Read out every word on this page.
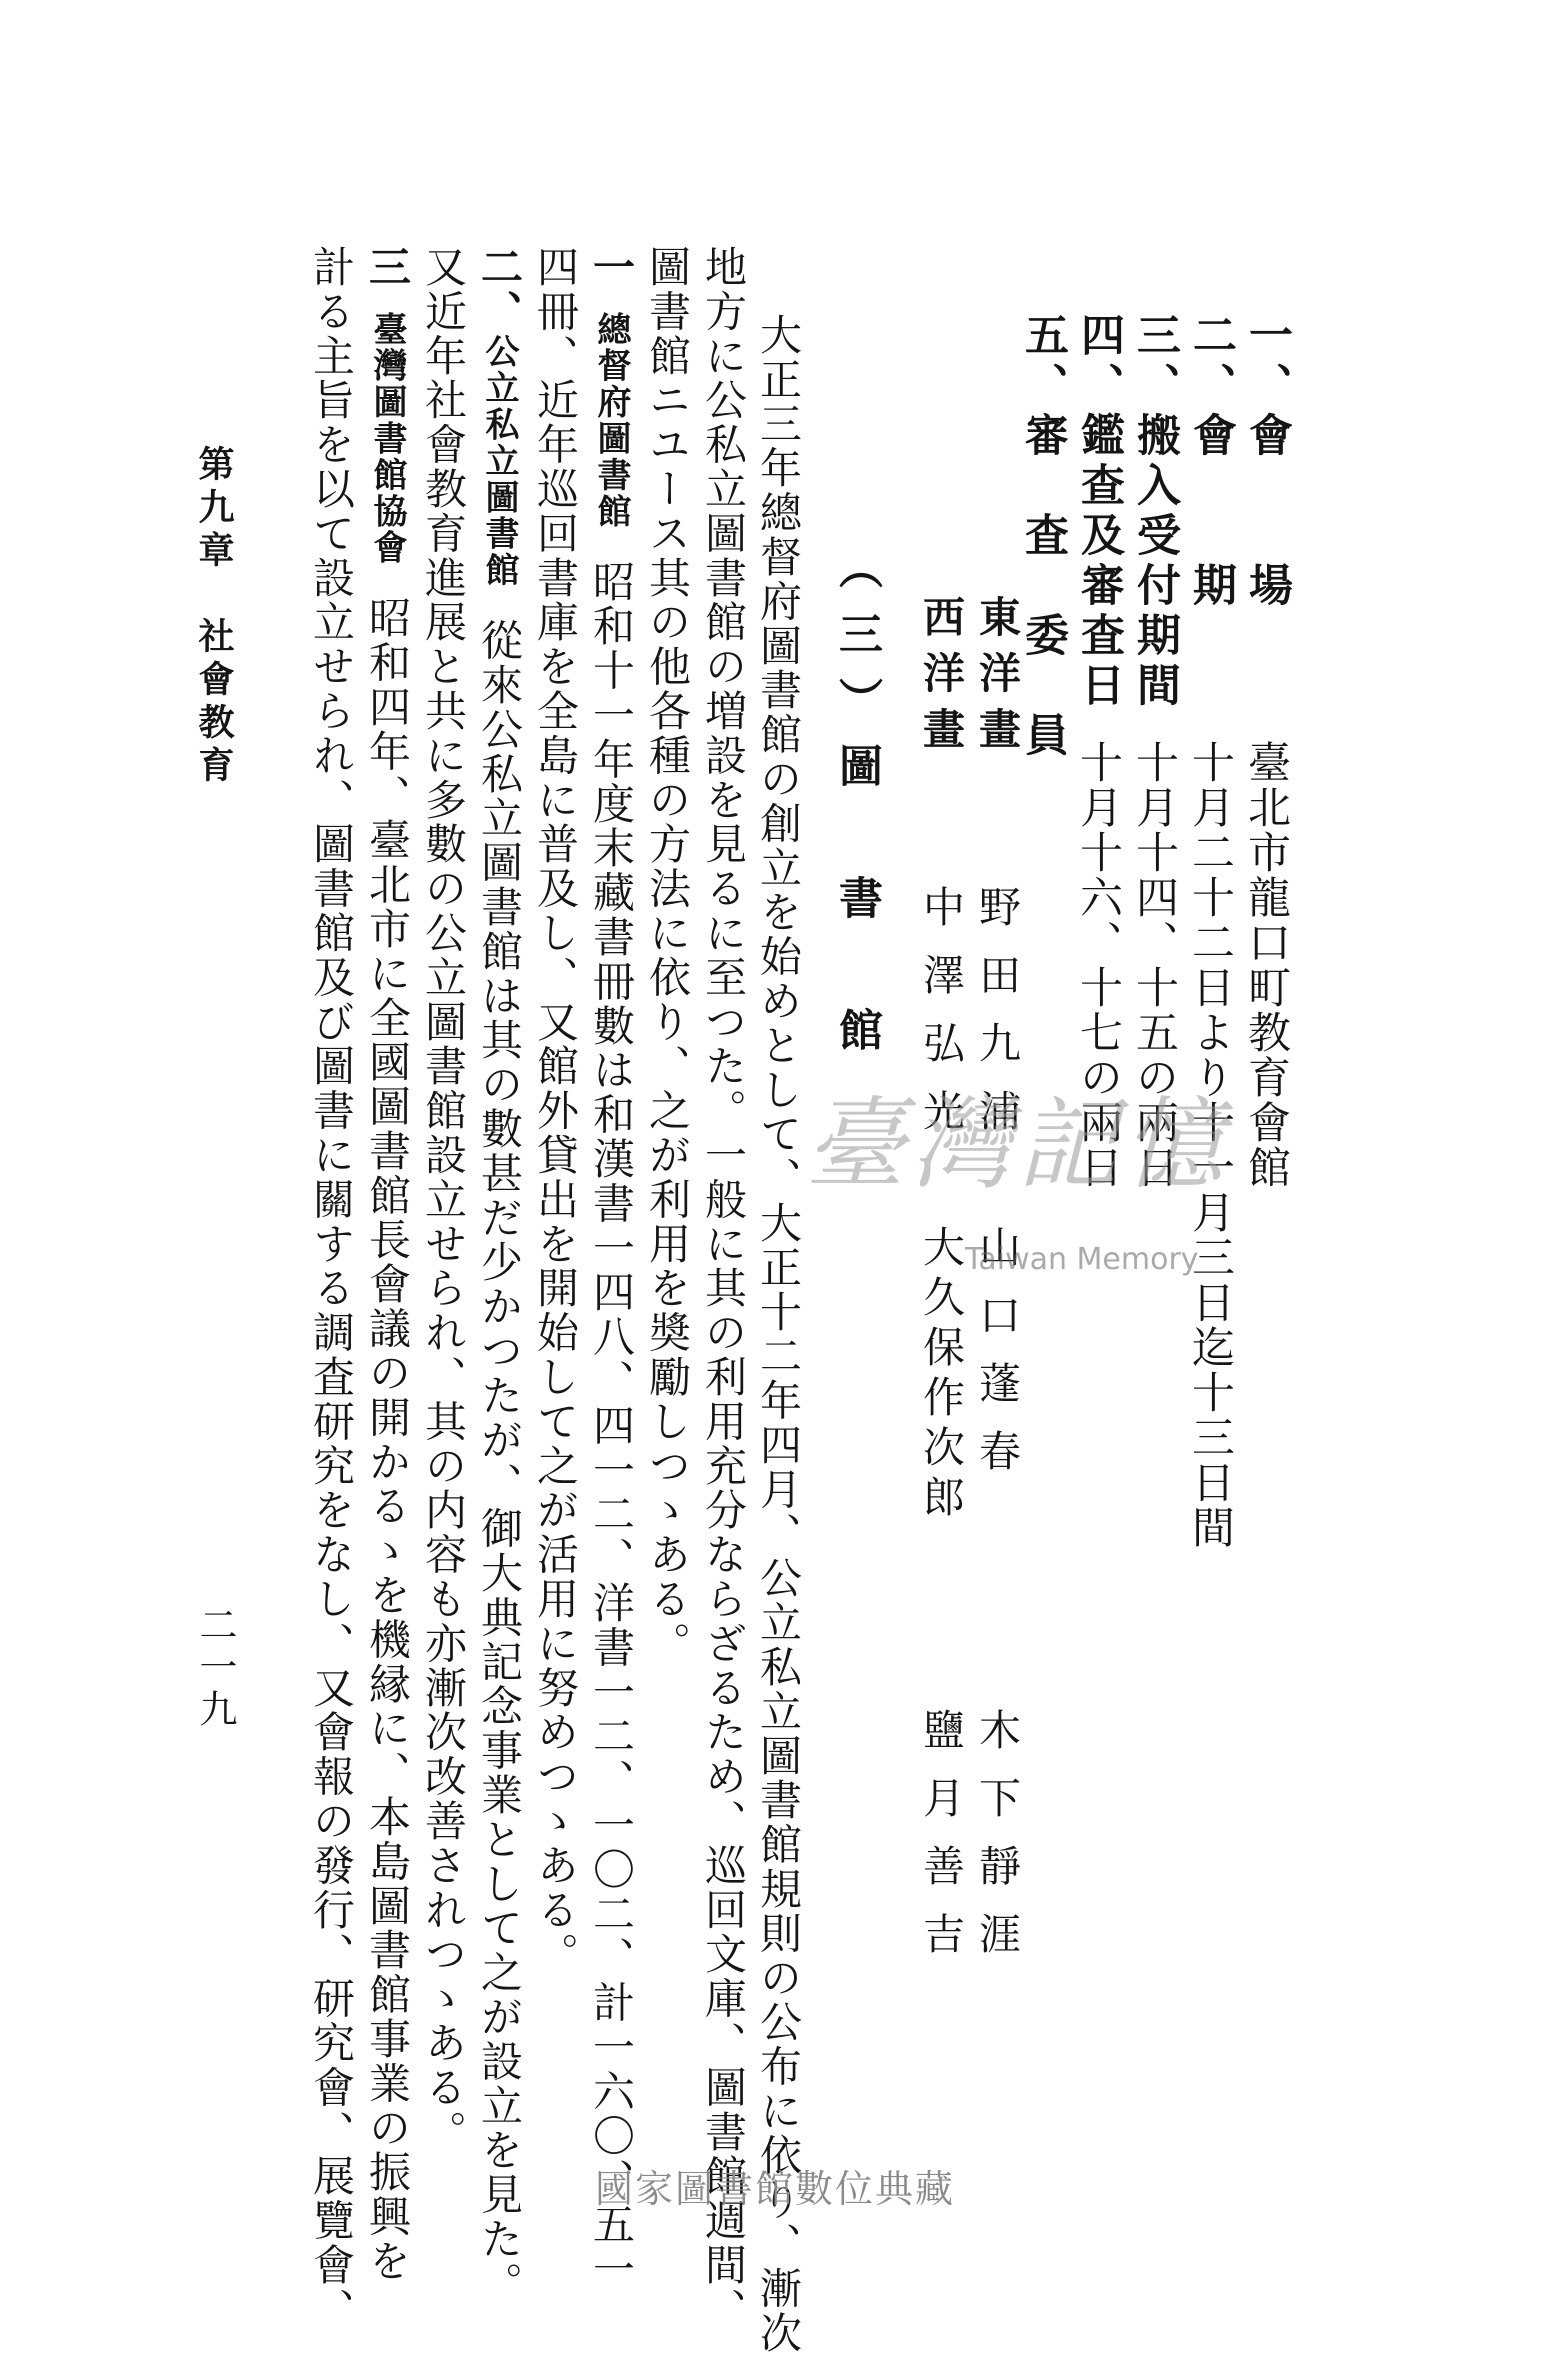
一、會　　場
臺北市龍口町教育會館
二、會　　期
十月二十二日より十一月三日迄十三日間
三、搬入受付期間
十月十四、十五の兩日
四、鑑查及審査日
十月十六、十七の兩日
五、審　査　委　員
東洋畫
野田九浦
山口蓬春
木下靜涯
西洋畫
中澤弘光
大久保作次郎
鹽月善吉
（三）圖　書　館
大正三年總督府圖書館の創立を始めとして、大正十二年四月、公立私立圖書館規則の公布に依り、漸次
地方に公私立圖書館の増設を見るに至つた。一般に其の利用充分ならざるため、巡回文庫、圖書館週間、
圖書館ニユース其の他各種の方法に依り、之が利用を奬勵しつゝある。
一總督府圖書館昭和十一年度末藏書冊數は和漢書一四八、四一二、洋書一二、一〇二、計一六〇、五一
四冊、近年巡回書庫を全島に普及し、又館外貸出を開始して之が活用に努めつゝある。
二、公立私立圖書館從來公私立圖書館は其の數甚だ少かつたが、御大典記念事業として之が設立を見た。
又近年社會教育進展と共に多數の公立圖書館設立せられ、其の内容も亦漸次改善されつゝある。
三臺灣圖書館協會昭和四年、臺北市に全國圖書館長會議の開かるゝを機縁に、本島圖書館事業の振興を
計る主旨を以て設立せられ、圖書館及び圖書に關する調査研究をなし、又會報の發行、研究會、展覽會、
第九章　社會教育
二一九
臺灣記憶
Taiwan Memory
國家圖書館數位典藏
